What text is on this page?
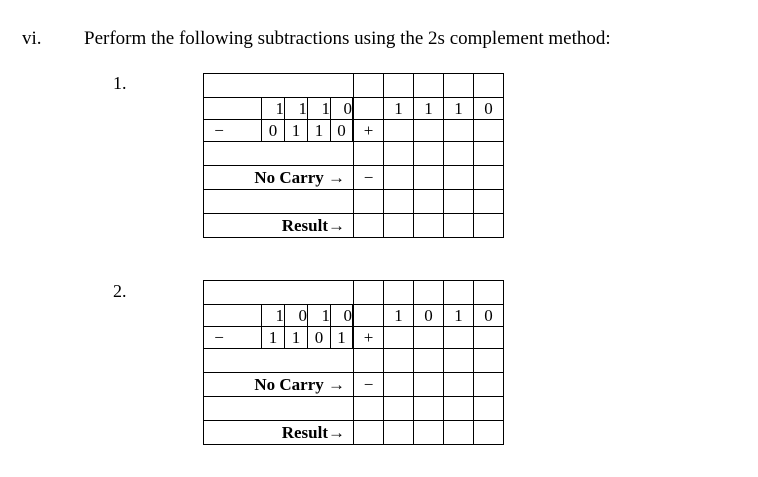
vi. Perform the following subtractions using the 2s complement method:
1.

1 1 1 0		1	1	1	0

− 0 1 1 0	+				

No Carry →	−				

Result→					
2.

1 0 1 0		1	0	1	0

− 1 1 0 1	+				

No Carry →	−				

Result→					
